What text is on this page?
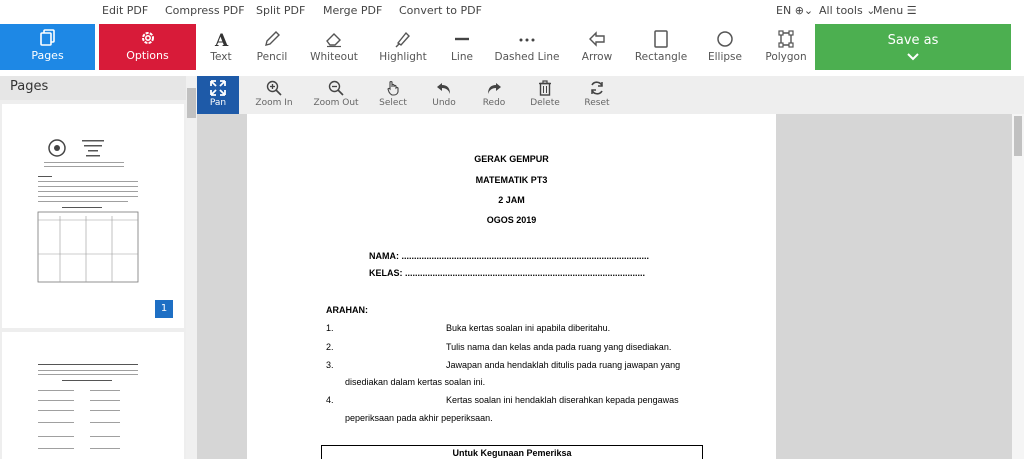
Edit PDF Compress PDF Split PDF Merge PDF Convert to PDF	EN ⊕⌄ All tools ⌄
Menu ☰
Pages	Options
A
Text	Pencil	Whiteout	Highlight	Line	Dashed Line	Arrow	Rectangle	Ellipse	Polygon
Save as
Pages
1
Pan	Zoom In	Zoom Out	Select	Undo	Redo	Delete	Reset
GERAK GEMPUR
MATEMATIK PT3
2 JAM
OGOS 2019
NAMA: ...................................................................................................
KELAS: ................................................................................................
ARAHAN:
1.	Buka kertas soalan ini apabila diberitahu.
2.	Tulis nama dan kelas anda pada ruang yang disediakan.
3.	Jawapan anda hendaklah ditulis pada ruang jawapan yang
disediakan dalam kertas soalan ini.
4.	Kertas soalan ini hendaklah diserahkan kepada pengawas
peperiksaan pada akhir peperiksaan.
Untuk Kegunaan Pemeriksa
